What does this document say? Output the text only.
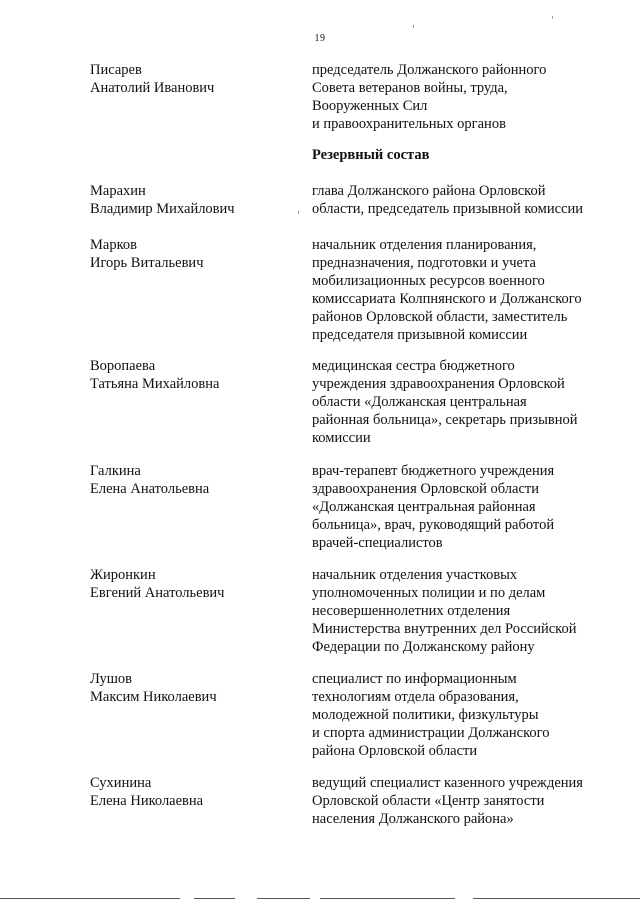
19
Писарев
Анатолий Иванович
председатель Должанского районного
Совета ветеранов войны, труда,
Вооруженных Сил
и правоохранительных органов
Резервный состав
Марахин
Владимир Михайлович
глава Должанского района Орловской
области, председатель призывной комиссии
Марков
Игорь Витальевич
начальник отделения планирования,
предназначения, подготовки и учета
мобилизационных ресурсов военного
комиссариата Колпнянского и Должанского
районов Орловской области, заместитель
председателя призывной комиссии
Воропаева
Татьяна Михайловна
медицинская сестра бюджетного
учреждения здравоохранения Орловской
области «Должанская центральная
районная больница», секретарь призывной
комиссии
Галкина
Елена Анатольевна
врач-терапевт бюджетного учреждения
здравоохранения Орловской области
«Должанская центральная районная
больница», врач, руководящий работой
врачей-специалистов
Жиронкин
Евгений Анатольевич
начальник отделения участковых
уполномоченных полиции и по делам
несовершеннолетних отделения
Министерства внутренних дел Российской
Федерации по Должанскому району
Лушов
Максим Николаевич
специалист по информационным
технологиям отдела образования,
молодежной политики, физкультуры
и спорта администрации Должанского
района Орловской области
Сухинина
Елена Николаевна
ведущий специалист казенного учреждения
Орловской области «Центр занятости
населения Должанского района»
